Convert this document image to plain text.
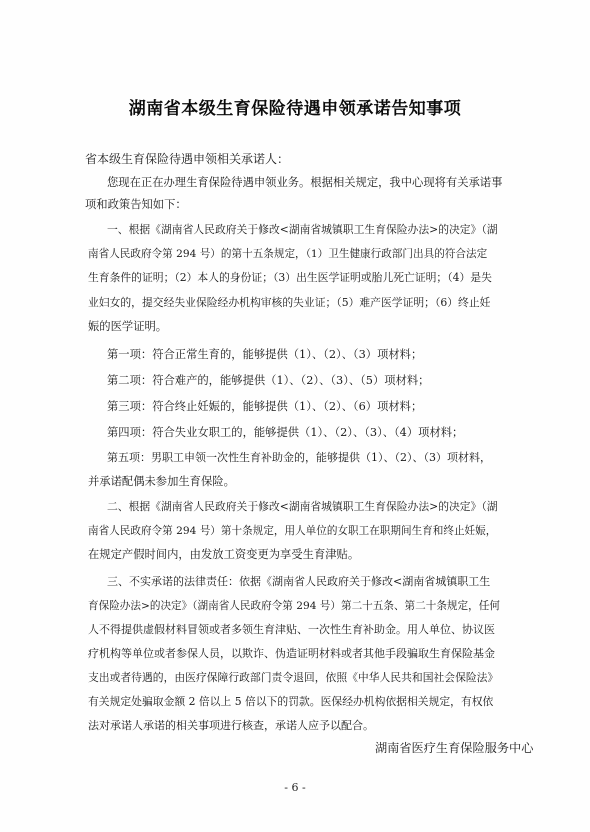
湖南省本级生育保险待遇申领承诺告知事项
省本级生育保险待遇申领相关承诺人：
您现在正在办理生育保险待遇申领业务。根据相关规定，我中心现将有关承诺事
项和政策告知如下：
一、根据《湖南省人民政府关于修改<湖南省城镇职工生育保险办法>的决定》（湖
南省人民政府令第 294 号）的第十五条规定，（1）卫生健康行政部门出具的符合法定
生育条件的证明；（2）本人的身份证；（3）出生医学证明或胎儿死亡证明；（4）是失
业妇女的，提交经失业保险经办机构审核的失业证；（5）难产医学证明；（6）终止妊
娠的医学证明。
第一项：符合正常生育的，能够提供（1）、（2）、（3）项材料；
第二项：符合难产的，能够提供（1）、（2）、（3）、（5）项材料；
第三项：符合终止妊娠的，能够提供（1）、（2）、（6）项材料；
第四项：符合失业女职工的，能够提供（1）、（2）、（3）、（4）项材料；
第五项：男职工申领一次性生育补助金的，能够提供（1）、（2）、（3）项材料，
并承诺配偶未参加生育保险。
二、根据《湖南省人民政府关于修改<湖南省城镇职工生育保险办法>的决定》（湖
南省人民政府令第 294 号）第十条规定，用人单位的女职工在职期间生育和终止妊娠，
在规定产假时间内，由发放工资变更为享受生育津贴。
三、不实承诺的法律责任：依据《湖南省人民政府关于修改<湖南省城镇职工生
育保险办法>的决定》（湖南省人民政府令第 294 号）第二十五条、第二十条规定，任何
人不得提供虚假材料冒领或者多领生育津贴、一次性生育补助金。用人单位、协议医
疗机构等单位或者参保人员，以欺诈、伪造证明材料或者其他手段骗取生育保险基金
支出或者待遇的，由医疗保障行政部门责令退回，依照《中华人民共和国社会保险法》
有关规定处骗取金额 2 倍以上 5 倍以下的罚款。医保经办机构依据相关规定，有权依
法对承诺人承诺的相关事项进行核查，承诺人应予以配合。
湖南省医疗生育保险服务中心
- 6 -
